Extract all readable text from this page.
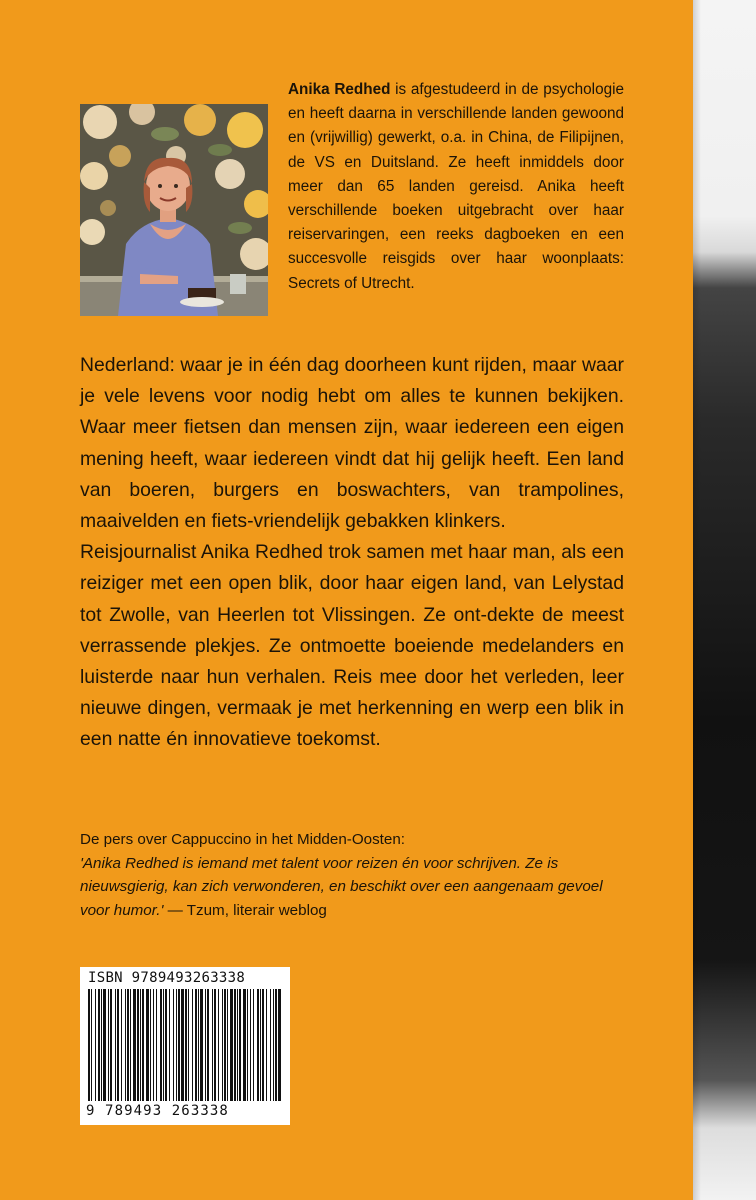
Anika Redhed is afgestudeerd in de psychologie en heeft daarna in verschillende landen gewoond en (vrijwillig) gewerkt, o.a. in China, de Filipijnen, de VS en Duitsland. Ze heeft inmiddels door meer dan 65 landen gereisd. Anika heeft verschillende boeken uitgebracht over haar reiservaringen, een reeks dagboeken en een succesvolle reisgids over haar woonplaats: Secrets of Utrecht.

Nederland: waar je in één dag doorheen kunt rijden, maar waar je vele levens voor nodig hebt om alles te kunnen bekijken. Waar meer fietsen dan mensen zijn, waar iedereen een eigen mening heeft, waar iedereen vindt dat hij gelijk heeft. Een land van boeren, burgers en boswachters, van trampolines, maaivelden en fiets-vriendelijk gebakken klinkers.

Reisjournalist Anika Redhed trok samen met haar man, als een reiziger met een open blik, door haar eigen land, van Lelystad tot Zwolle, van Heerlen tot Vlissingen. Ze ont-dekte de meest verrassende plekjes. Ze ontmoette boeiende medelanders en luisterde naar hun verhalen. Reis mee door het verleden, leer nieuwe dingen, vermaak je met herkenning en werp een blik in een natte én innovatieve toekomst.

De pers over Cappuccino in het Midden-Oosten:

'Anika Redhed is iemand met talent voor reizen én voor schrijven. Ze is nieuwsgierig, kan zich verwonderen, en beschikt over een aangenaam gevoel voor humor.' — Tzum, literair weblog

ISBN 9789493263338
9 789493 263338
